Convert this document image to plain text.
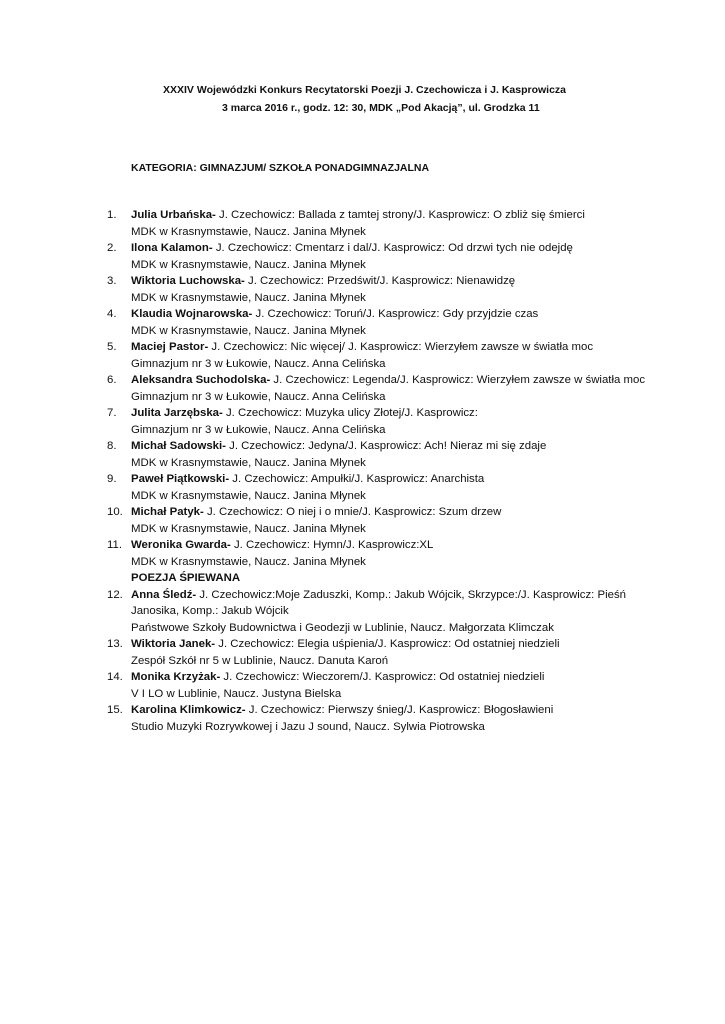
XXXIV Wojewódzki Konkurs Recytatorski Poezji J. Czechowicza i J. Kasprowicza
3 marca 2016 r., godz. 12: 30, MDK „Pod Akacją”, ul. Grodzka 11
KATEGORIA: GIMNAZJUM/ SZKOŁA PONADGIMNAZJALNA
1. Julia Urbańska- J. Czechowicz: Ballada z tamtej strony/J. Kasprowicz: O zbliż się śmierci
MDK w Krasnymstawie, Naucz. Janina Młynek
2. Ilona Kalamon- J. Czechowicz: Cmentarz i dal/J. Kasprowicz: Od drzwi tych nie odejdę
MDK w Krasnymstawie, Naucz. Janina Młynek
3. Wiktoria Luchowska- J. Czechowicz: Przedświt/J. Kasprowicz: Nienawidzę
MDK w Krasnymstawie, Naucz. Janina Młynek
4. Klaudia Wojnarowska- J. Czechowicz: Toruń/J. Kasprowicz: Gdy przyjdzie czas
MDK w Krasnymstawie, Naucz. Janina Młynek
5. Maciej Pastor- J. Czechowicz: Nic więcej/ J. Kasprowicz: Wierzyłem zawsze w światła moc
Gimnazjum nr 3 w Łukowie, Naucz. Anna Celińska
6. Aleksandra Suchodolska- J. Czechowicz: Legenda/J. Kasprowicz: Wierzyłem zawsze w światła moc
Gimnazjum nr 3 w Łukowie, Naucz. Anna Celińska
7. Julita Jarzębska- J. Czechowicz: Muzyka ulicy Złotej/J. Kasprowicz:
Gimnazjum nr 3 w Łukowie, Naucz. Anna Celińska
8. Michał Sadowski- J. Czechowicz: Jedyna/J. Kasprowicz: Ach! Nieraz mi się zdaje
MDK w Krasnymstawie, Naucz. Janina Młynek
9. Paweł Piątkowski- J. Czechowicz: Ampułki/J. Kasprowicz: Anarchista
MDK w Krasnymstawie, Naucz. Janina Młynek
10. Michał Patyk- J. Czechowicz: O niej i o mnie/J. Kasprowicz: Szum drzew
MDK w Krasnymstawie, Naucz. Janina Młynek
11. Weronika Gwarda- J. Czechowicz: Hymn/J. Kasprowicz:XL
MDK w Krasnymstawie, Naucz. Janina Młynek
POEZJA ŚPIEWANA
12. Anna Śledź- J. Czechowicz:Moje Zaduszki, Komp.: Jakub Wójcik, Skrzypce:/J. Kasprowicz: Pieśń Janosika, Komp.: Jakub Wójcik
Państwowe Szkoły Budownictwa i Geodezji w Lublinie, Naucz. Małgorzata Klimczak
13. Wiktoria Janek- J. Czechowicz: Elegia uśpienia/J. Kasprowicz: Od ostatniej niedzieli
Zespół Szkół nr 5 w Lublinie, Naucz. Danuta Karoń
14. Monika Krzyżak- J. Czechowicz: Wieczorem/J. Kasprowicz: Od ostatniej niedzieli
V I LO w Lublinie, Naucz. Justyna Bielska
15. Karolina Klimkowicz- J. Czechowicz: Pierwszy śnieg/J. Kasprowicz: Błogosławieni
Studio Muzyki Rozrywkowej i Jazu J sound, Naucz. Sylwia Piotrowska
